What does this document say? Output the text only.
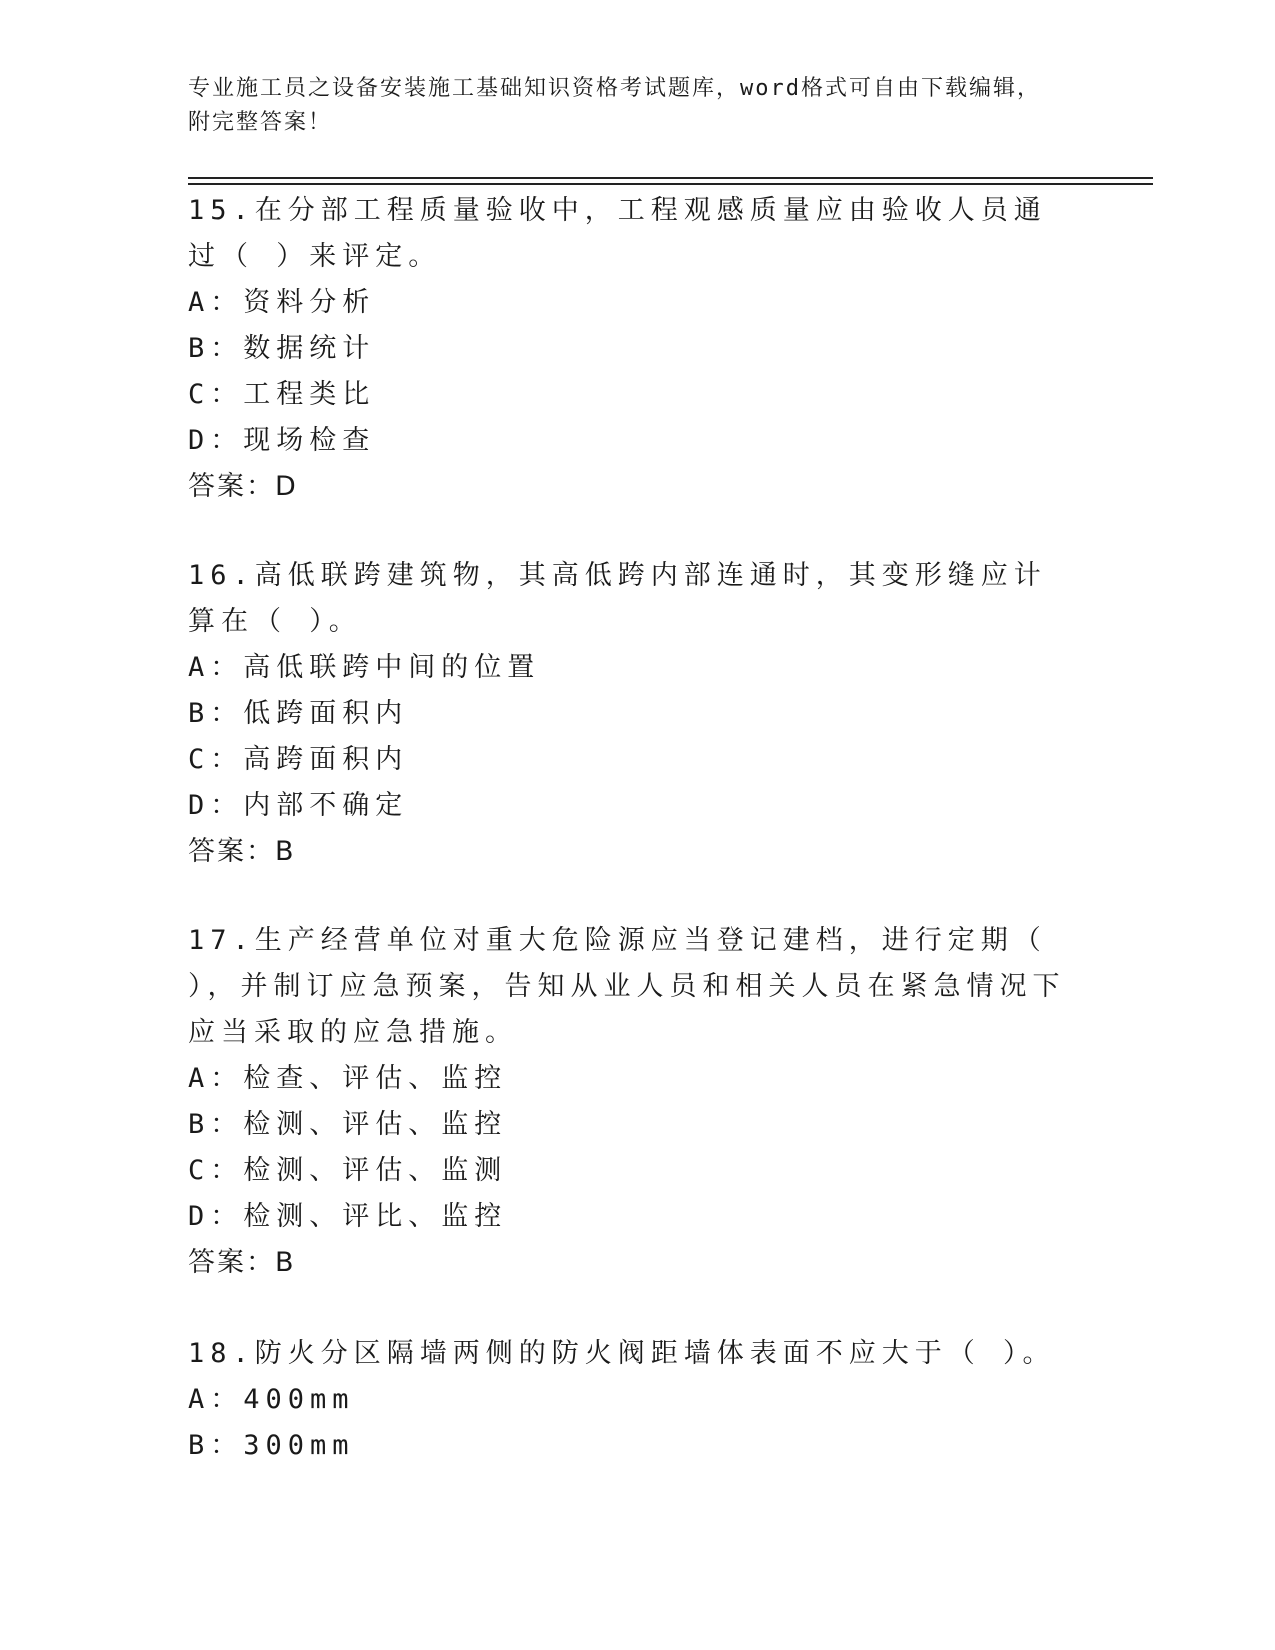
专业施工员之设备安装施工基础知识资格考试题库，word格式可自由下载编辑，
附完整答案！
15.在分部工程质量验收中，工程观感质量应由验收人员通过（ ）来评定。
A：资料分析
B：数据统计
C：工程类比
D：现场检查
答案：D
16.高低联跨建筑物，其高低跨内部连通时，其变形缝应计算在（ ）。
A：高低联跨中间的位置
B：低跨面积内
C：高跨面积内
D：内部不确定
答案：B
17.生产经营单位对重大危险源应当登记建档，进行定期（ ），并制订应急预案，告知从业人员和相关人员在紧急情况下应当采取的应急措施。
A：检查、评估、监控
B：检测、评估、监控
C：检测、评估、监测
D：检测、评比、监控
答案：B
18.防火分区隔墙两侧的防火阀距墙体表面不应大于（ ）。
A：400mm
B：300mm
